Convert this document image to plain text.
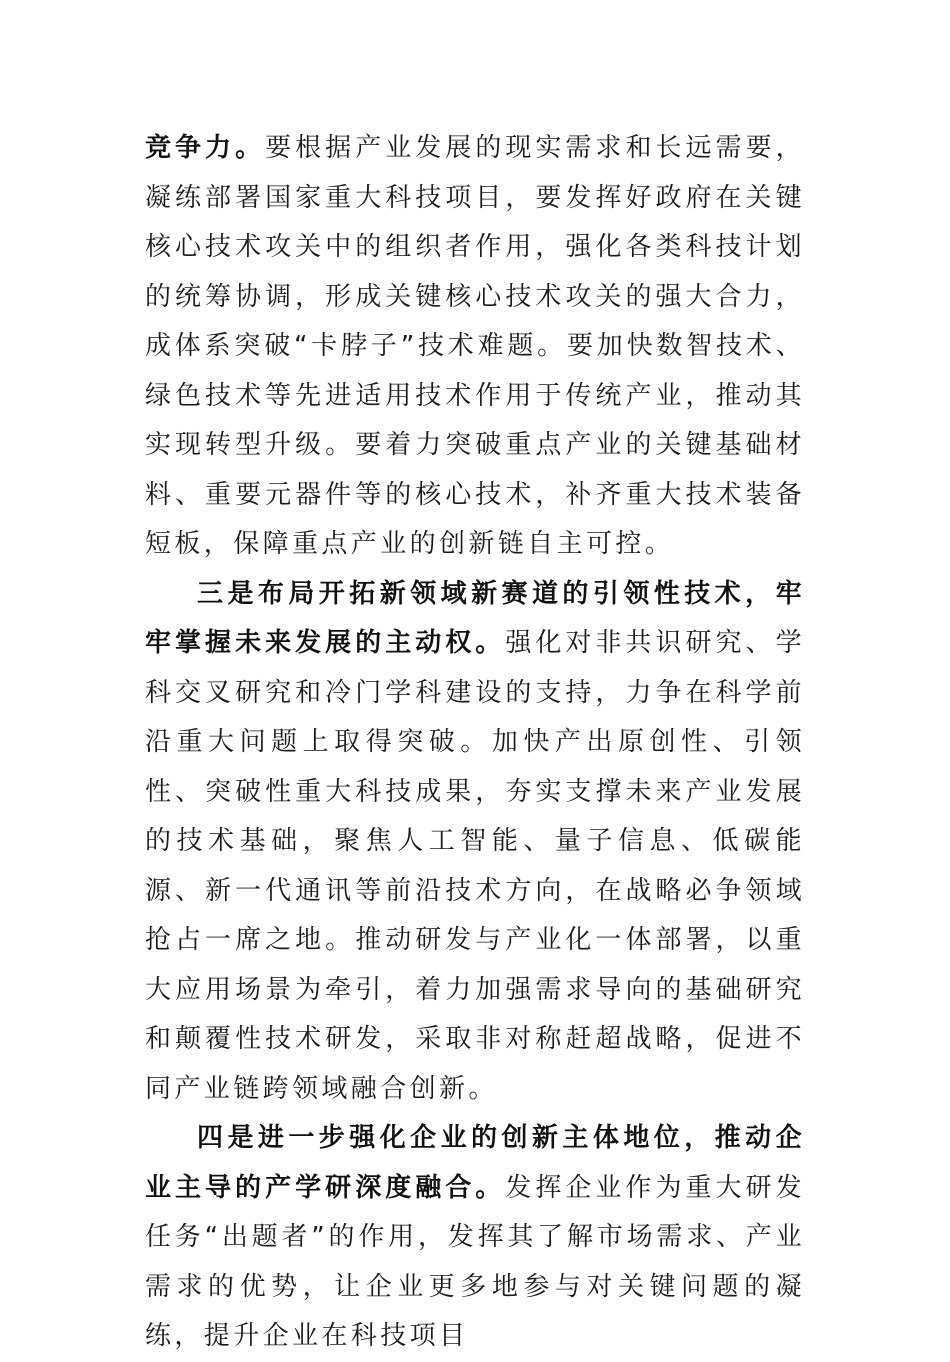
竞争力。要根据产业发展的现实需求和长远需要，凝练部署国家重大科技项目，要发挥好政府在关键核心技术攻关中的组织者作用，强化各类科技计划的统筹协调，形成关键核心技术攻关的强大合力，成体系突破“卡脖子”技术难题。要加快数智技术、绿色技术等先进适用技术作用于传统产业，推动其实现转型升级。要着力突破重点产业的关键基础材料、重要元器件等的核心技术，补齐重大技术装备短板，保障重点产业的创新链自主可控。

三是布局开拓新领域新赛道的引领性技术，牢牢掌握未来发展的主动权。强化对非共识研究、学科交叉研究和冷门学科建设的支持，力争在科学前沿重大问题上取得突破。加快产出原创性、引领性、突破性重大科技成果，夯实支撑未来产业发展的技术基础，聚焦人工智能、量子信息、低碳能源、新一代通讯等前沿技术方向，在战略必争领域抢占一席之地。推动研发与产业化一体部署，以重大应用场景为牵引，着力加强需求导向的基础研究和颠覆性技术研发，采取非对称赶超战略，促进不同产业链跨领域融合创新。

四是进一步强化企业的创新主体地位，推动企业主导的产学研深度融合。发挥企业作为重大研发任务“出题者”的作用，发挥其了解市场需求、产业需求的优势，让企业更多地参与对关键问题的凝练，提升企业在科技项目
